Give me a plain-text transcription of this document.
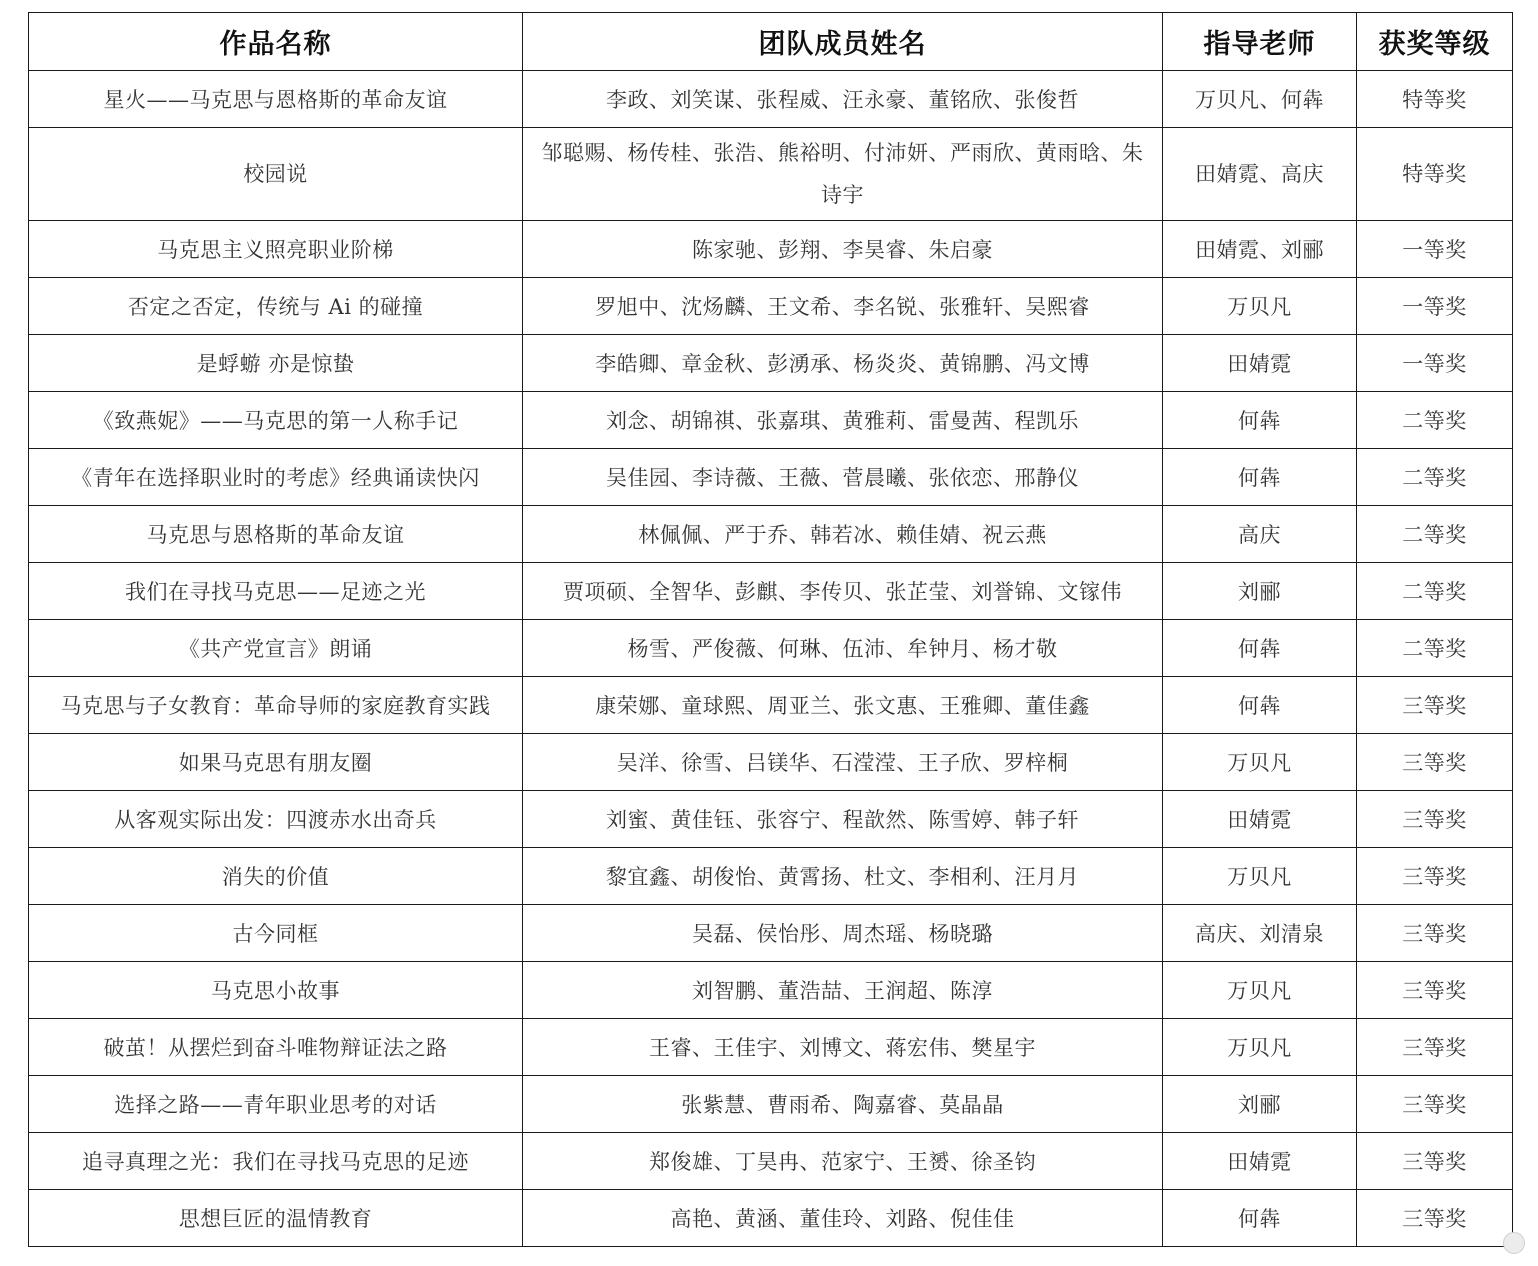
作品名称	团队成员姓名	指导老师	获奖等级
星火——马克思与恩格斯的革命友谊	李政、刘笑谋、张程威、汪永豪、董铭欣、张俊哲	万贝凡、何犇	特等奖
校园说	邹聪赐、杨传桂、张浩、熊裕明、付沛妍、严雨欣、黄雨晗、朱诗宇	田婧霓、高庆	特等奖
马克思主义照亮职业阶梯	陈家驰、彭翔、李昊睿、朱启豪	田婧霓、刘郦	一等奖
否定之否定，传统与 Ai 的碰撞	罗旭中、沈炀麟、王文希、李名锐、张雅轩、吴熙睿	万贝凡	一等奖
是蜉蝣 亦是惊蛰	李皓卿、章金秋、彭湧承、杨炎炎、黄锦鹏、冯文博	田婧霓	一等奖
《致燕妮》——马克思的第一人称手记	刘念、胡锦祺、张嘉琪、黄雅莉、雷曼茜、程凯乐	何犇	二等奖
《青年在选择职业时的考虑》经典诵读快闪	吴佳园、李诗薇、王薇、菅晨曦、张依恋、邢静仪	何犇	二等奖
马克思与恩格斯的革命友谊	林佩佩、严于乔、韩若冰、赖佳婧、祝云燕	高庆	二等奖
我们在寻找马克思——足迹之光	贾项硕、全智华、彭麒、李传贝、张芷莹、刘誉锦、文镓伟	刘郦	二等奖
《共产党宣言》朗诵	杨雪、严俊薇、何琳、伍沛、牟钟月、杨才敬	何犇	二等奖
马克思与子女教育：革命导师的家庭教育实践	康荣娜、童球熙、周亚兰、张文惠、王雅卿、董佳鑫	何犇	三等奖
如果马克思有朋友圈	吴洋、徐雪、吕镁华、石滢滢、王子欣、罗梓桐	万贝凡	三等奖
从客观实际出发：四渡赤水出奇兵	刘蜜、黄佳钰、张容宁、程歆然、陈雪婷、韩子轩	田婧霓	三等奖
消失的价值	黎宜鑫、胡俊怡、黄霄扬、杜文、李相利、汪月月	万贝凡	三等奖
古今同框	吴磊、侯怡彤、周杰瑶、杨晓璐	高庆、刘清泉	三等奖
马克思小故事	刘智鹏、董浩喆、王润超、陈淳	万贝凡	三等奖
破茧！从摆烂到奋斗唯物辩证法之路	王睿、王佳宇、刘博文、蒋宏伟、樊星宇	万贝凡	三等奖
选择之路——青年职业思考的对话	张紫慧、曹雨希、陶嘉睿、莫晶晶	刘郦	三等奖
追寻真理之光：我们在寻找马克思的足迹	郑俊雄、丁昊冉、范家宁、王赟、徐圣钧	田婧霓	三等奖
思想巨匠的温情教育	高艳、黄涵、董佳玲、刘路、倪佳佳	何犇	三等奖
